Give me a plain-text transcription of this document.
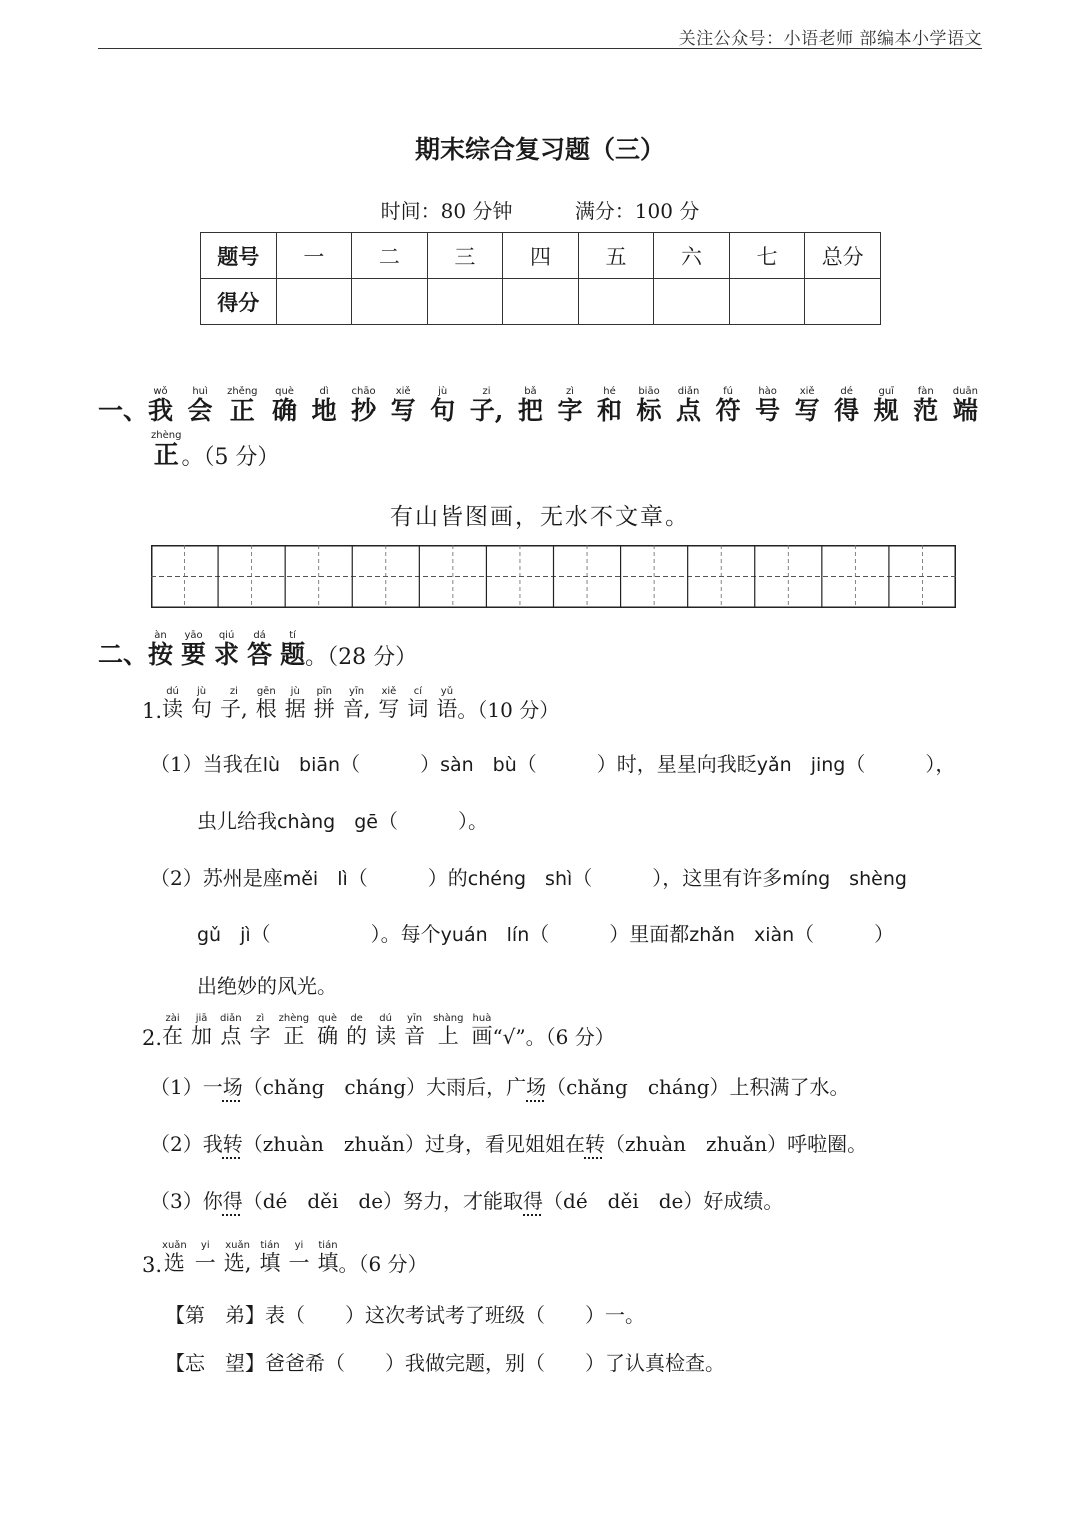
关注公众号：小语老师 部编本小学语文
期末综合复习题（三）
时间：80 分钟	满分：100 分
题号	一	二	三	四	五	六	七	总分
得分								
一、 我wǒ
会huì
正zhěng
确què
地dì
抄chāo
写xiě
句jù
子,zi
把bǎ
字zì
和hé
标biāo
点diǎn
符fú
号hào
写xiě
得dé
规guī
范fàn
端duān
正zhèng
。（5 分）
有山皆图画，无水不文章。
二、 按àn
要yāo
求qiú
答dá
题tí
。（28 分）
1. 读dú
句jù
子,zi
根gēn
据jù
拼pīn
音,yīn
写xiě
词cí
语yǔ
。（10 分）
（1）当我在lù　biān（　　　）sàn　bù（　　　）时，星星向我眨yǎn　jing（　　　），
虫儿给我chàng　gē（　　　）。
（2）苏州是座měi　lì（　　　）的chéng　shì（　　　），这里有许多míng　shèng
gǔ　jì（　　　　　）。每个yuán　lín（　　　）里面都zhǎn　xiàn（　　　）
出绝妙的风光。
2. 在zài
加jiā
点diǎn
字zì
正zhèng
确què
的de
读dú
音yīn
上shàng
画huà
“√”。（6 分）
（1）一场（chǎng　cháng）大雨后，广场（chǎng　cháng）上积满了水。
（2）我转（zhuàn　zhuǎn）过身，看见姐姐在转（zhuàn　zhuǎn）呼啦圈。
（3）你得（dé　děi　de）努力，才能取得（dé　děi　de）好成绩。
3. 选xuǎn
一yi
选,xuǎn
填tián
一yi
填tián
。（6 分）
【第　弟】表（　　）这次考试考了班级（　　）一。
【忘　望】爸爸希（　　）我做完题，别（　　）了认真检查。
